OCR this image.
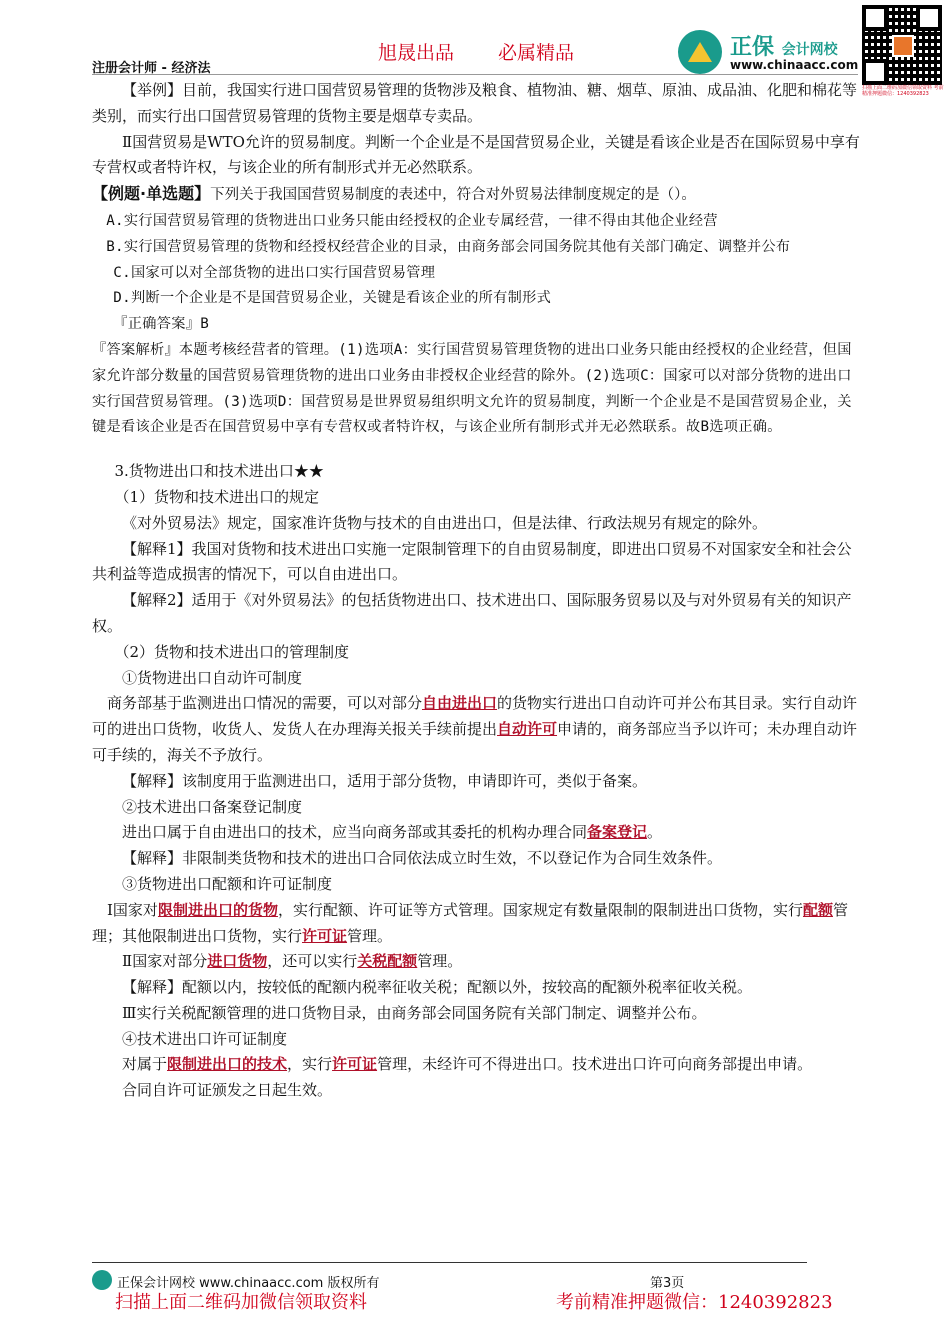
旭晟出品 必属精品
注册会计师 - 经济法
正保 会计网校
www.chinaacc.com
扫描上面二维码加微信领取资料 考前精准押题微信：1240392823

【举例】目前，我国实行进口国营贸易管理的货物涉及粮食、植物油、糖、烟草、原油、成品油、化肥和棉花等类别，而实行出口国营贸易管理的货物主要是烟草专卖品。

Ⅱ国营贸易是WTO允许的贸易制度。判断一个企业是不是国营贸易企业，关键是看该企业是否在国际贸易中享有专营权或者特许权，与该企业的所有制形式并无必然联系。

【例题·单选题】下列关于我国国营贸易制度的表述中，符合对外贸易法律制度规定的是（）。

A.实行国营贸易管理的货物进出口业务只能由经授权的企业专属经营，一律不得由其他企业经营

B.实行国营贸易管理的货物和经授权经营企业的目录，由商务部会同国务院其他有关部门确定、调整并公布

C.国家可以对全部货物的进出口实行国营贸易管理

D.判断一个企业是不是国营贸易企业，关键是看该企业的所有制形式

『正确答案』B

『答案解析』本题考核经营者的管理。(1)选项A：实行国营贸易管理货物的进出口业务只能由经授权的企业经营，但国家允许部分数量的国营贸易管理货物的进出口业务由非授权企业经营的除外。(2)选项C：国家可以对部分货物的进出口实行国营贸易管理。(3)选项D：国营贸易是世界贸易组织明文允许的贸易制度，判断一个企业是不是国营贸易企业，关键是看该企业是否在国营贸易中享有专营权或者特许权，与该企业所有制形式并无必然联系。故B选项正确。

3.货物进出口和技术进出口★★

（1）货物和技术进出口的规定

《对外贸易法》规定，国家准许货物与技术的自由进出口，但是法律、行政法规另有规定的除外。

【解释1】我国对货物和技术进出口实施一定限制管理下的自由贸易制度，即进出口贸易不对国家安全和社会公共利益等造成损害的情况下，可以自由进出口。

【解释2】适用于《对外贸易法》的包括货物进出口、技术进出口、国际服务贸易以及与对外贸易有关的知识产权。

（2）货物和技术进出口的管理制度

①货物进出口自动许可制度

商务部基于监测进出口情况的需要，可以对部分自由进出口的货物实行进出口自动许可并公布其目录。实行自动许可的进出口货物，收货人、发货人在办理海关报关手续前提出自动许可申请的，商务部应当予以许可；未办理自动许可手续的，海关不予放行。

【解释】该制度用于监测进出口，适用于部分货物，申请即许可，类似于备案。

②技术进出口备案登记制度

进出口属于自由进出口的技术，应当向商务部或其委托的机构办理合同备案登记。

【解释】非限制类货物和技术的进出口合同依法成立时生效，不以登记作为合同生效条件。

③货物进出口配额和许可证制度

Ⅰ国家对限制进出口的货物，实行配额、许可证等方式管理。国家规定有数量限制的限制进出口货物，实行配额管理；其他限制进出口货物，实行许可证管理。

Ⅱ国家对部分进口货物，还可以实行关税配额管理。

【解释】配额以内，按较低的配额内税率征收关税；配额以外，按较高的配额外税率征收关税。

Ⅲ实行关税配额管理的进口货物目录，由商务部会同国务院有关部门制定、调整并公布。

④技术进出口许可证制度

对属于限制进出口的技术，实行许可证管理，未经许可不得进出口。技术进出口许可向商务部提出申请。

合同自许可证颁发之日起生效。

正保会计网校 www.chinaacc.com 版权所有	第3页
扫描上面二维码加微信领取资料	考前精准押题微信：1240392823
